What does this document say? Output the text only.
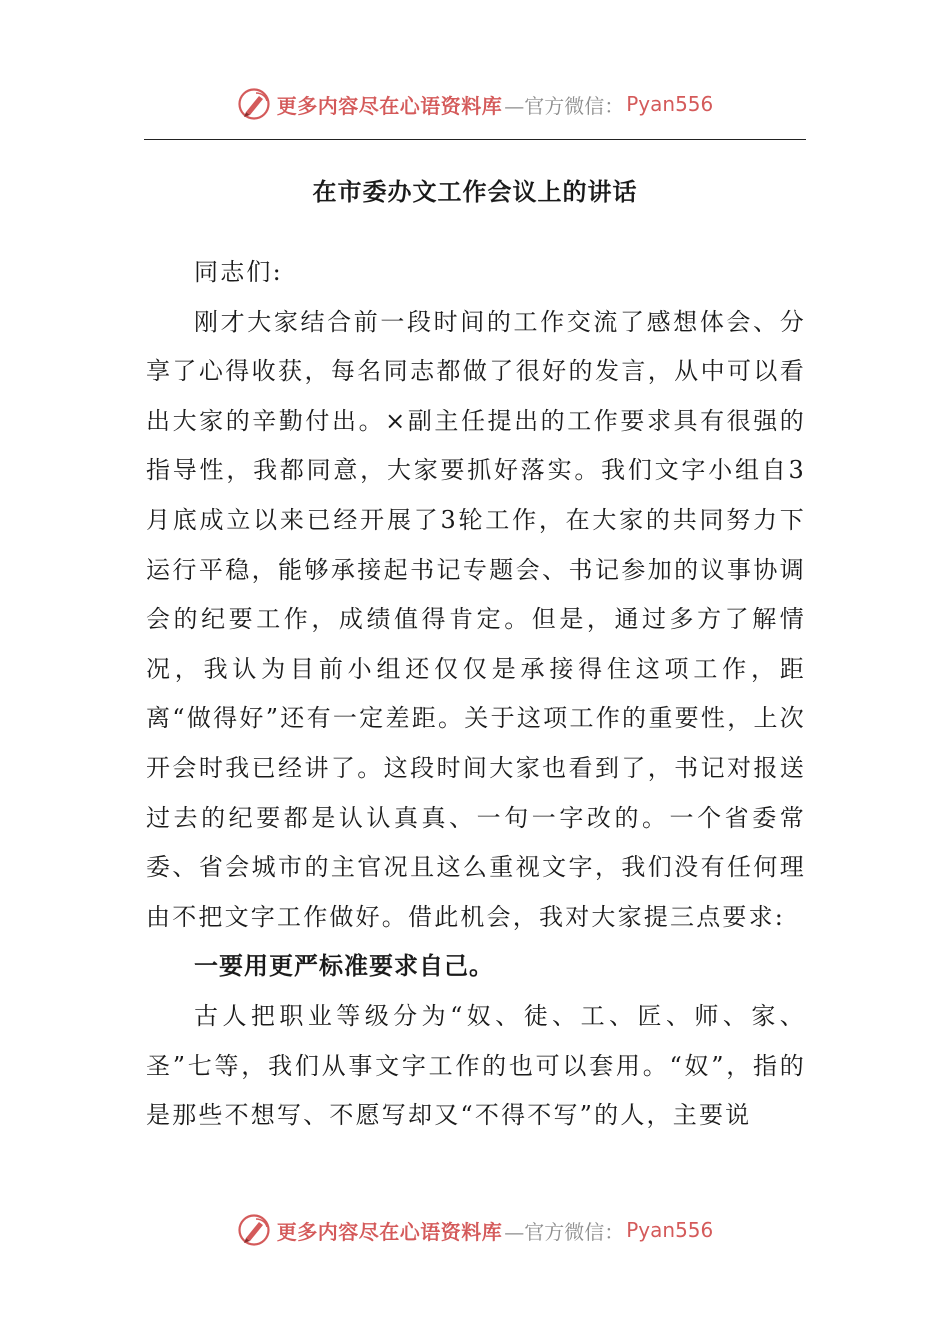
更多内容尽在心语资料库 —官方微信： Pyan556
在市委办文工作会议上的讲话

同志们:

刚才大家结合前一段时间的工作交流了感想体会、分享了心得收获，每名同志都做了很好的发言，从中可以看出大家的辛勤付出。×副主任提出的工作要求具有很强的指导性，我都同意，大家要抓好落实。我们文字小组自3月底成立以来已经开展了3轮工作，在大家的共同努力下运行平稳，能够承接起书记专题会、书记参加的议事协调会的纪要工作，成绩值得肯定。但是，通过多方了解情况，我认为目前小组还仅仅是承接得住这项工作，距离“做得好”还有一定差距。关于这项工作的重要性，上次开会时我已经讲了。这段时间大家也看到了，书记对报送过去的纪要都是认认真真、一句一字改的。一个省委常委、省会城市的主官况且这么重视文字，我们没有任何理由不把文字工作做好。借此机会，我对大家提三点要求:

一要用更严标准要求自己。

古人把职业等级分为“奴、徒、工、匠、师、家、圣”七等，我们从事文字工作的也可以套用。“奴”，指的是那些不想写、不愿写却又“不得不写”的人，主要说

更多内容尽在心语资料库 —官方微信： Pyan556
